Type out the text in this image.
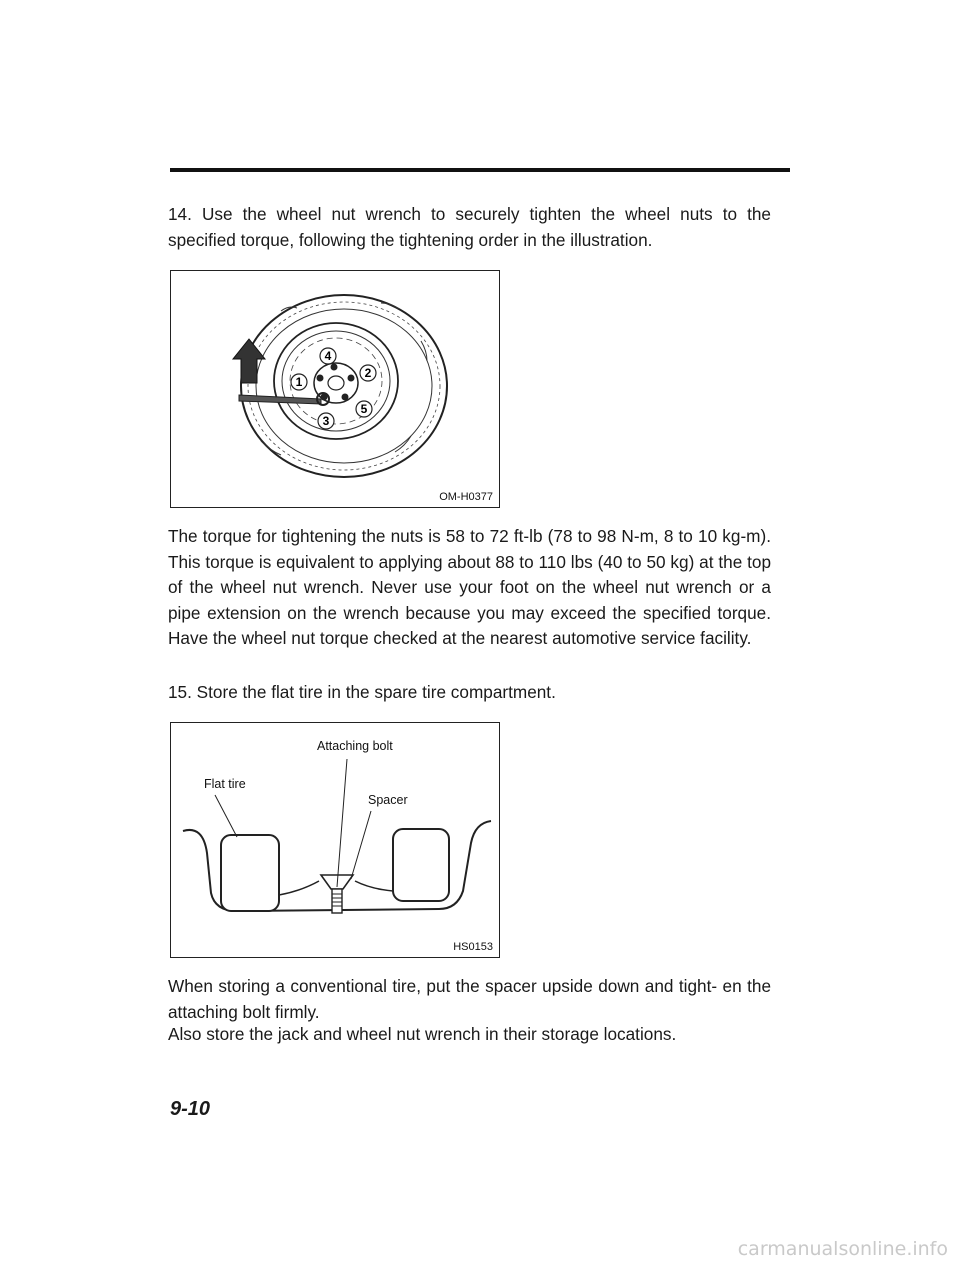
14. Use the wheel nut wrench to securely tighten the wheel nuts to the specified torque, following the tightening order in the illustration.

1
2
3
4
5
OM-H0377

The torque for tightening the nuts is 58 to 72 ft-lb (78 to 98 N-m, 8 to 10 kg-m). This torque is equivalent to applying about 88 to 110 lbs (40 to 50 kg) at the top of the wheel nut wrench. Never use your foot on the wheel nut wrench or a pipe extension on the wrench because you may exceed the specified torque. Have the wheel nut torque checked at the nearest automotive service facility.

15. Store the flat tire in the spare tire compartment.

Attaching bolt
Flat tire
Spacer
HS0153

When storing a conventional tire, put the spacer upside down and tight- en the attaching bolt firmly.

Also store the jack and wheel nut wrench in their storage locations.

9-10
carmanualsonline.info
